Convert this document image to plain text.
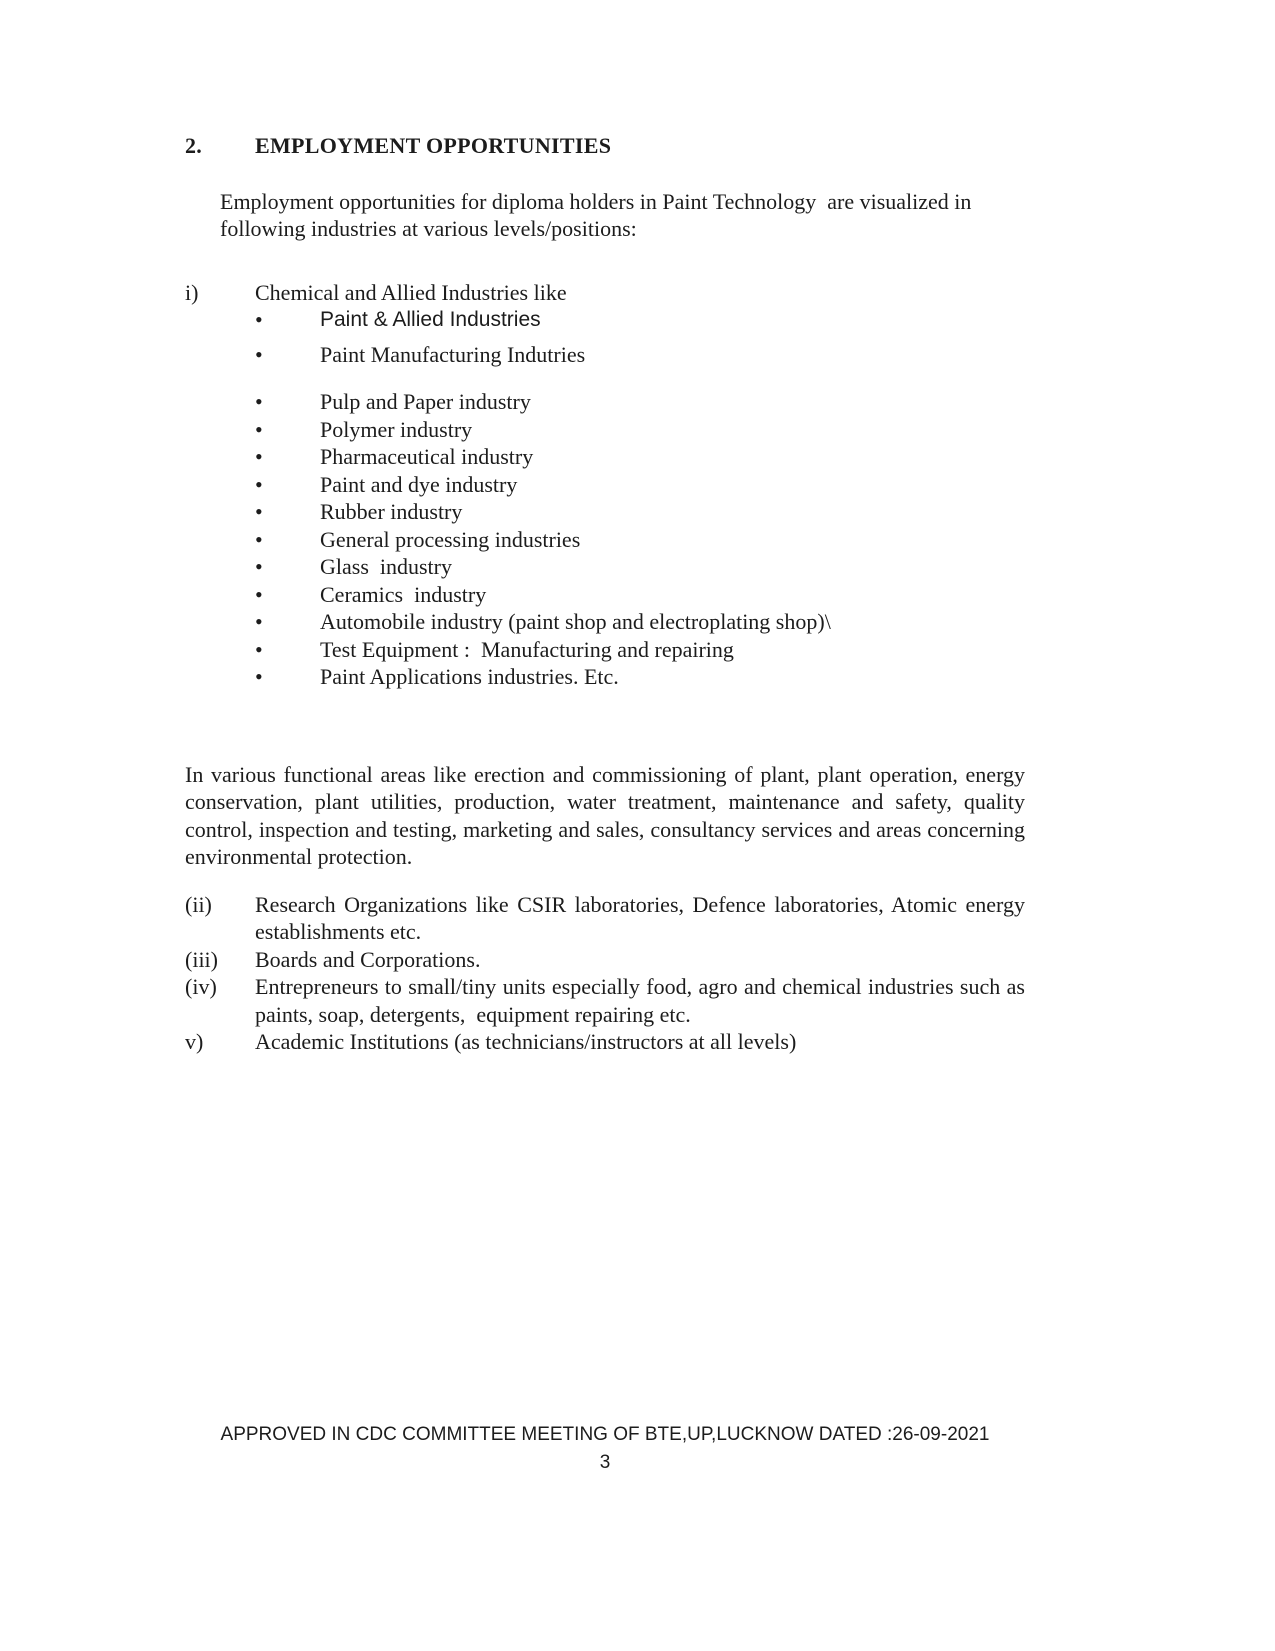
2.	EMPLOYMENT OPPORTUNITIES

Employment opportunities for diploma holders in Paint Technology  are visualized in following industries at various levels/positions:

i)	Chemical and Allied Industries like
•
Paint & Allied Industries
•
Paint Manufacturing Indutries
•
Pulp and Paper industry
•
Polymer industry
•
Pharmaceutical industry
•
Paint and dye industry
•
Rubber industry
•
General processing industries
•
Glass  industry
•
Ceramics  industry
•
Automobile industry (paint shop and electroplating shop)\
•
Test Equipment :  Manufacturing and repairing
•
Paint Applications industries. Etc.

In various functional areas like erection and commissioning of plant, plant operation, energy conservation, plant utilities, production, water treatment, maintenance and safety, quality control, inspection and testing, marketing and sales, consultancy services and areas concerning environmental protection.

(ii)	Research Organizations like CSIR laboratories, Defence laboratories, Atomic energy establishments etc.
(iii)	Boards and Corporations.
(iv)	Entrepreneurs to small/tiny units especially food, agro and chemical industries such as paints, soap, detergents,  equipment repairing etc.
v)	Academic Institutions (as technicians/instructors at all levels)
APPROVED IN CDC COMMITTEE MEETING OF BTE,UP,LUCKNOW DATED :26-09-2021
3
